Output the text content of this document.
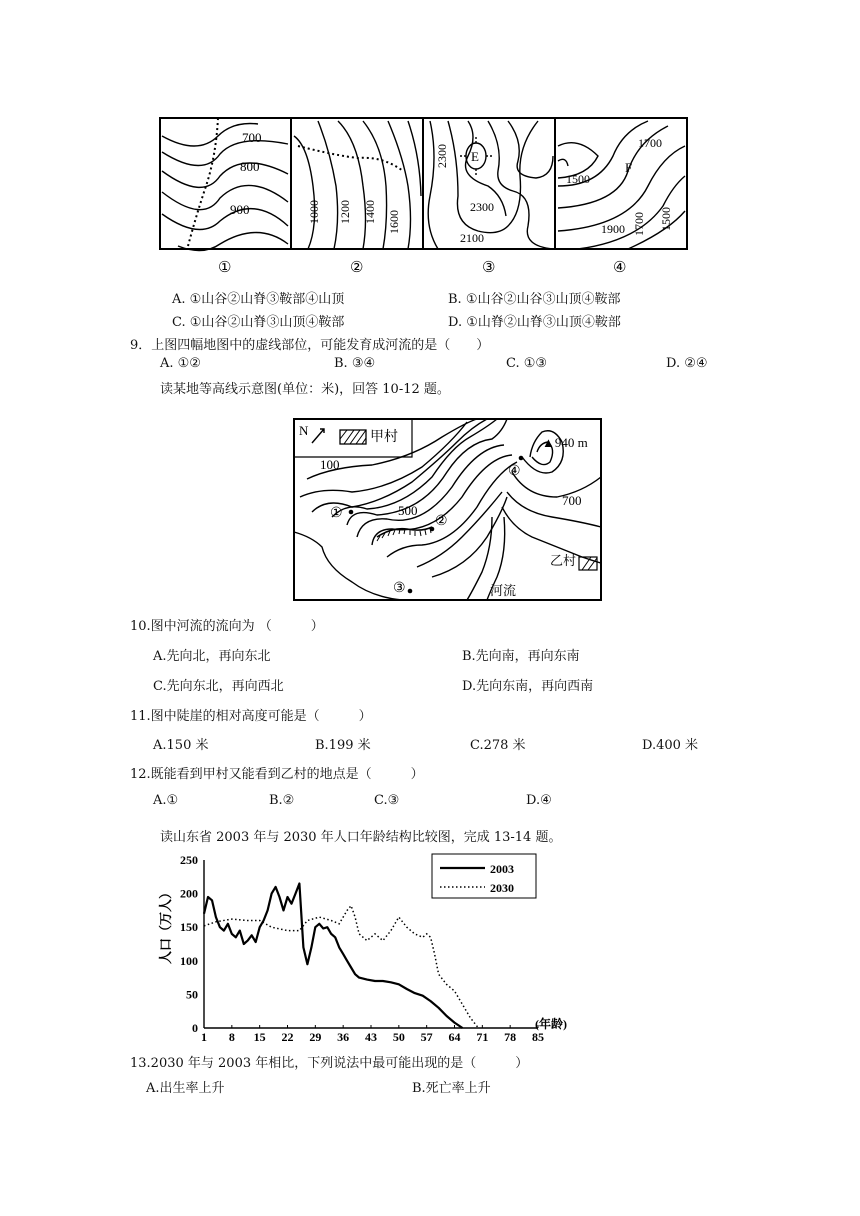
700
800
900	1000 1200 1400 1600
2300 E
2300
2100
1700
F
1500
1900 1700 1500
①	②	③	④
A. ①山谷②山脊③鞍部④山顶	B. ①山谷②山谷③山顶④鞍部
C. ①山谷②山脊③山顶④鞍部	D. ①山脊②山脊③山顶④鞍部
9．上图四幅地图中的虚线部位，可能发育成河流的是（　　）
A. ①②	B. ③④	C. ①③	D. ②④
读某地等高线示意图(单位：米)，回答 10-12 题。
N	甲村
100
500
700
▲940 m
①
②
③
④
乙村
河流
10.图中河流的流向为 （　　　）
A.先向北，再向东北	B.先向南，再向东南
C.先向东北，再向西北	D.先向东南，再向西南
11.图中陡崖的相对高度可能是（　　　）
A.150 米	B.199 米	C.278 米	D.400 米
12.既能看到甲村又能看到乙村的地点是（　　　）
A.①	B.②	C.③	D.④
读山东省 2003 年与 2030 年人口年龄结构比较图，完成 13-14 题。
人口（万人）
0
50
100
150
200
250
1 8 15 22 29 36 43 50 57 64 71 78 85
2003
2030
(年龄)
13.2030 年与 2003 年相比，下列说法中最可能出现的是（　　　）
A.出生率上升	B.死亡率上升
